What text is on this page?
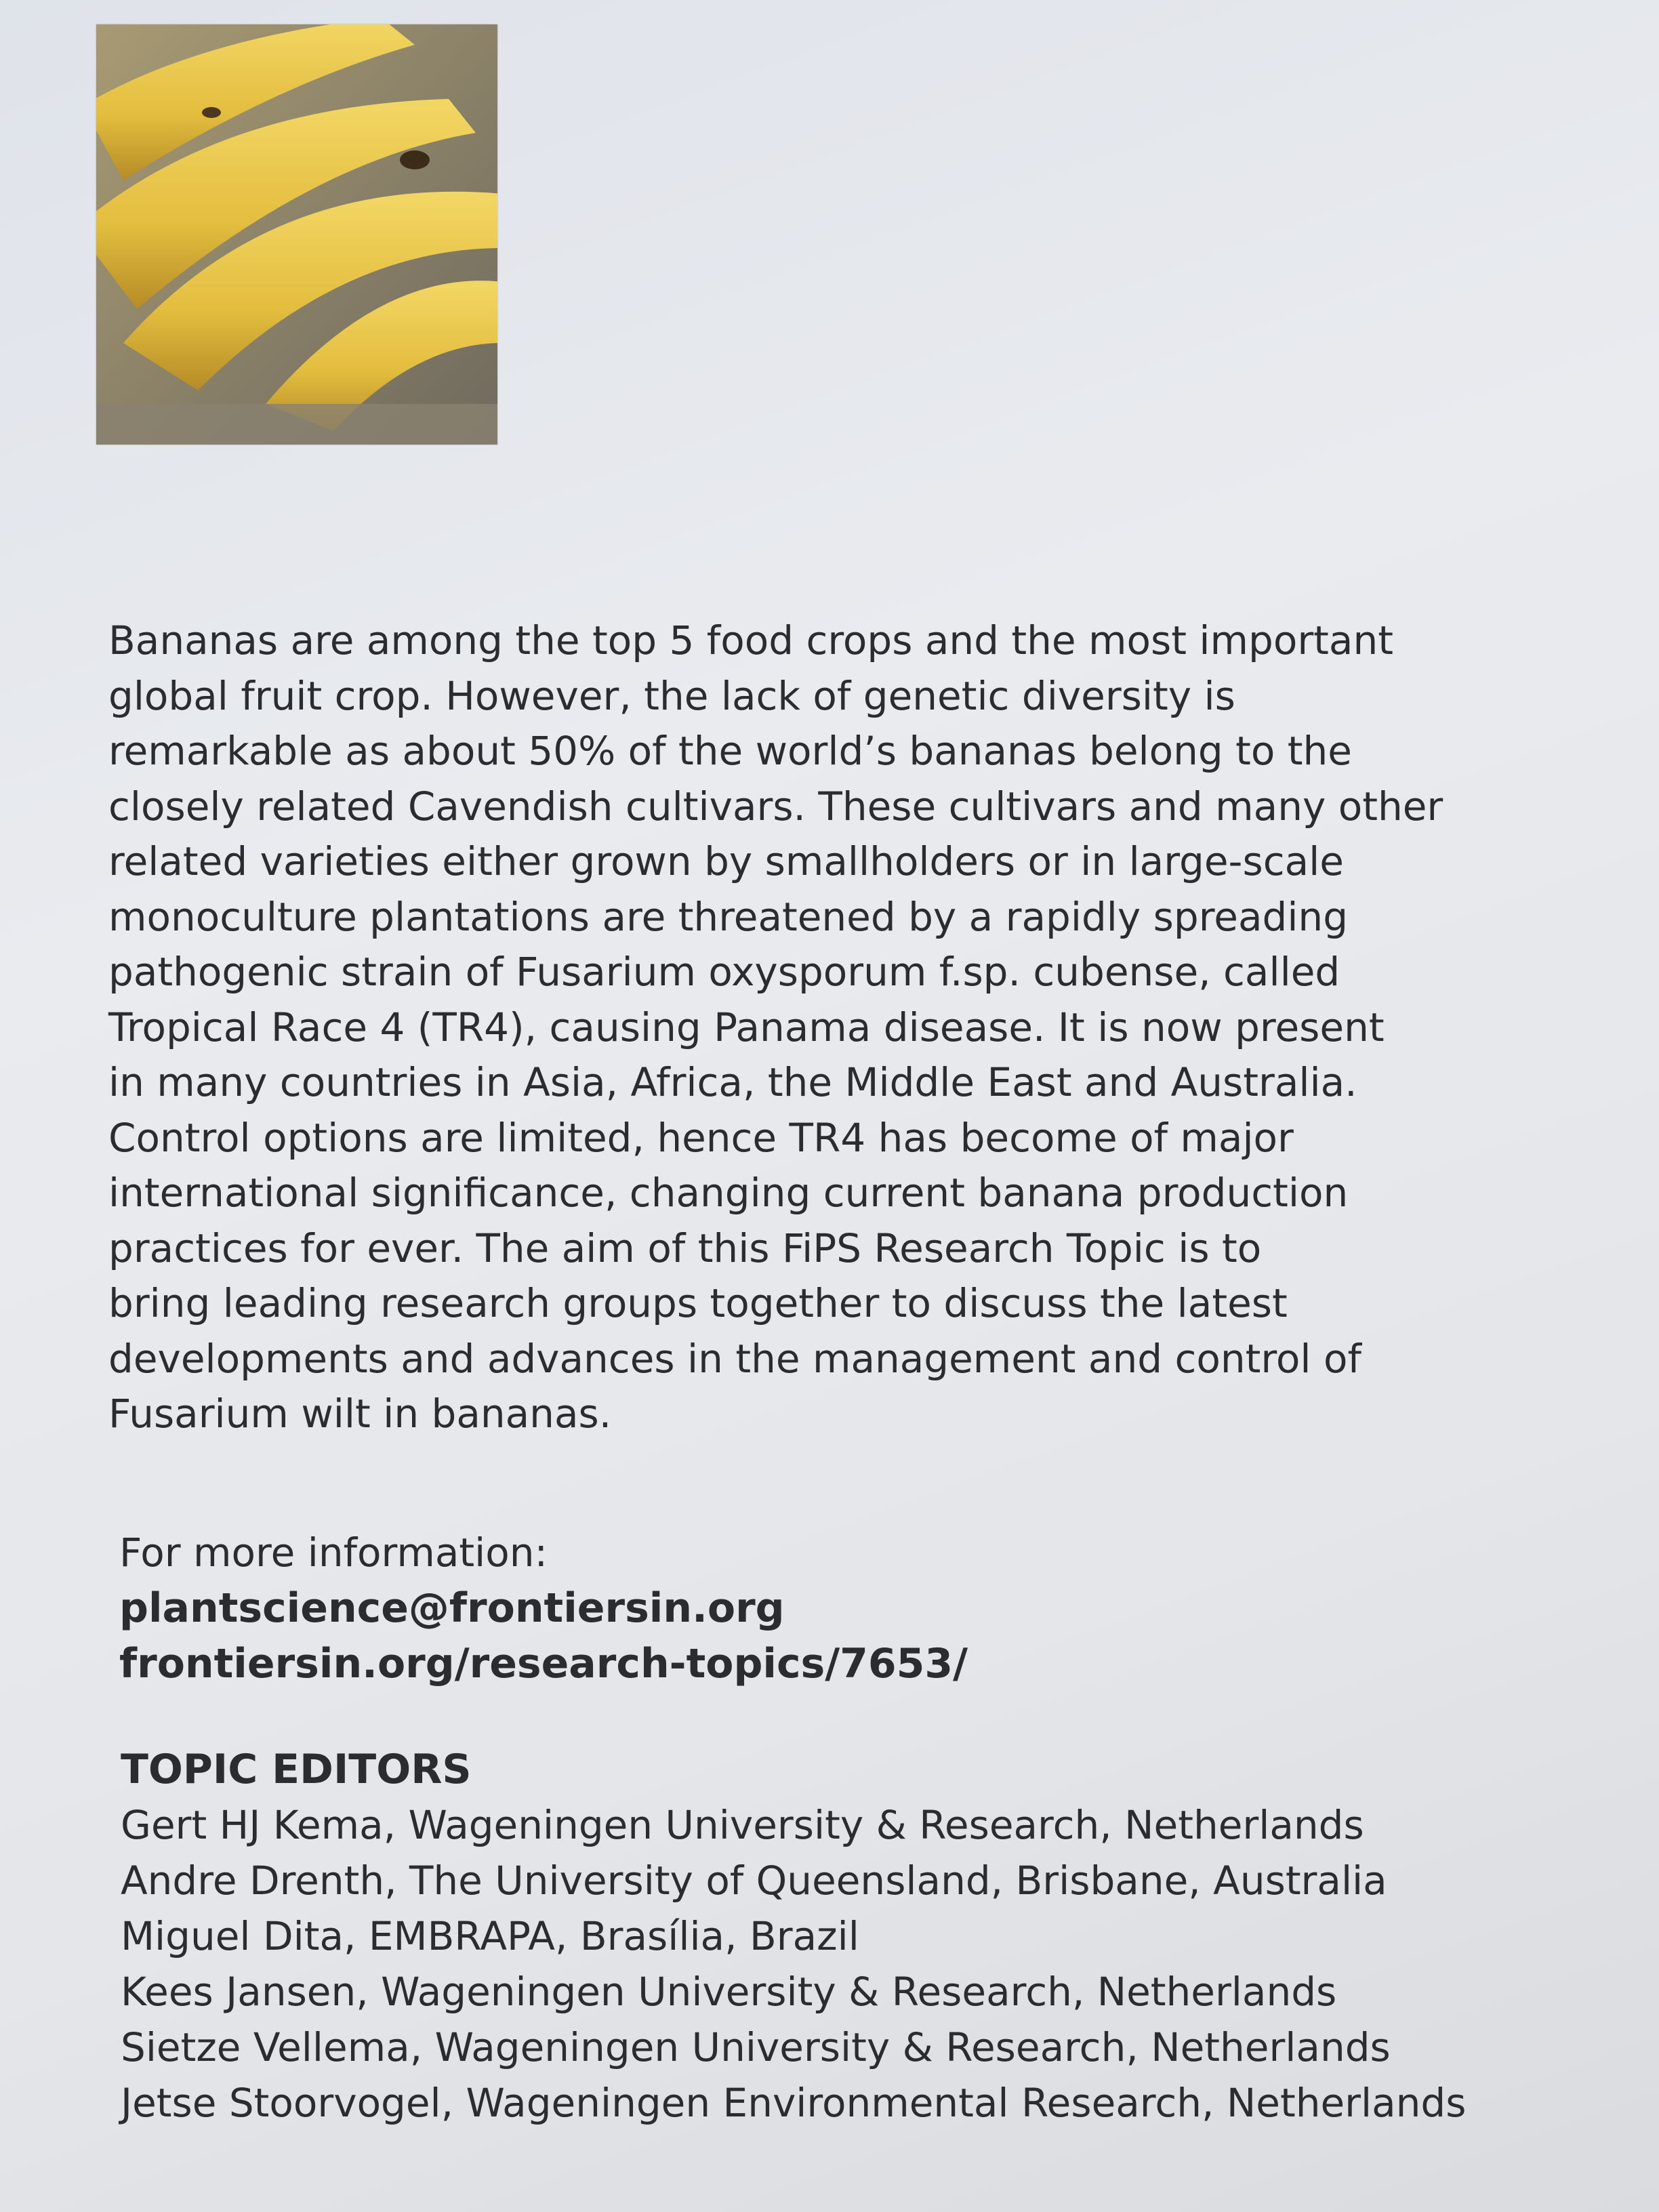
Bananas are among the top 5 food crops and the most important
global fruit crop. However, the lack of genetic diversity is
remarkable as about 50% of the world’s bananas belong to the
closely related Cavendish cultivars. These cultivars and many other
related varieties either grown by smallholders or in large-scale
monoculture plantations are threatened by a rapidly spreading
pathogenic strain of Fusarium oxysporum f.sp. cubense, called
Tropical Race 4 (TR4), causing Panama disease. It is now present
in many countries in Asia, Africa, the Middle East and Australia.
Control options are limited, hence TR4 has become of major
international significance, changing current banana production
practices for ever. The aim of this FiPS Research Topic is to
bring leading research groups together to discuss the latest
developments and advances in the management and control of
Fusarium wilt in bananas.

For more information:

plantscience@frontiersin.org
frontiersin.org/research-topics/7653/
TOPIC EDITORS
Gert HJ Kema, Wageningen University & Research, Netherlands
Andre Drenth, The University of Queensland, Brisbane, Australia
Miguel Dita, EMBRAPA, Brasília, Brazil
Kees Jansen, Wageningen University & Research, Netherlands
Sietze Vellema, Wageningen University & Research, Netherlands
Jetse Stoorvogel, Wageningen Environmental Research, Netherlands
